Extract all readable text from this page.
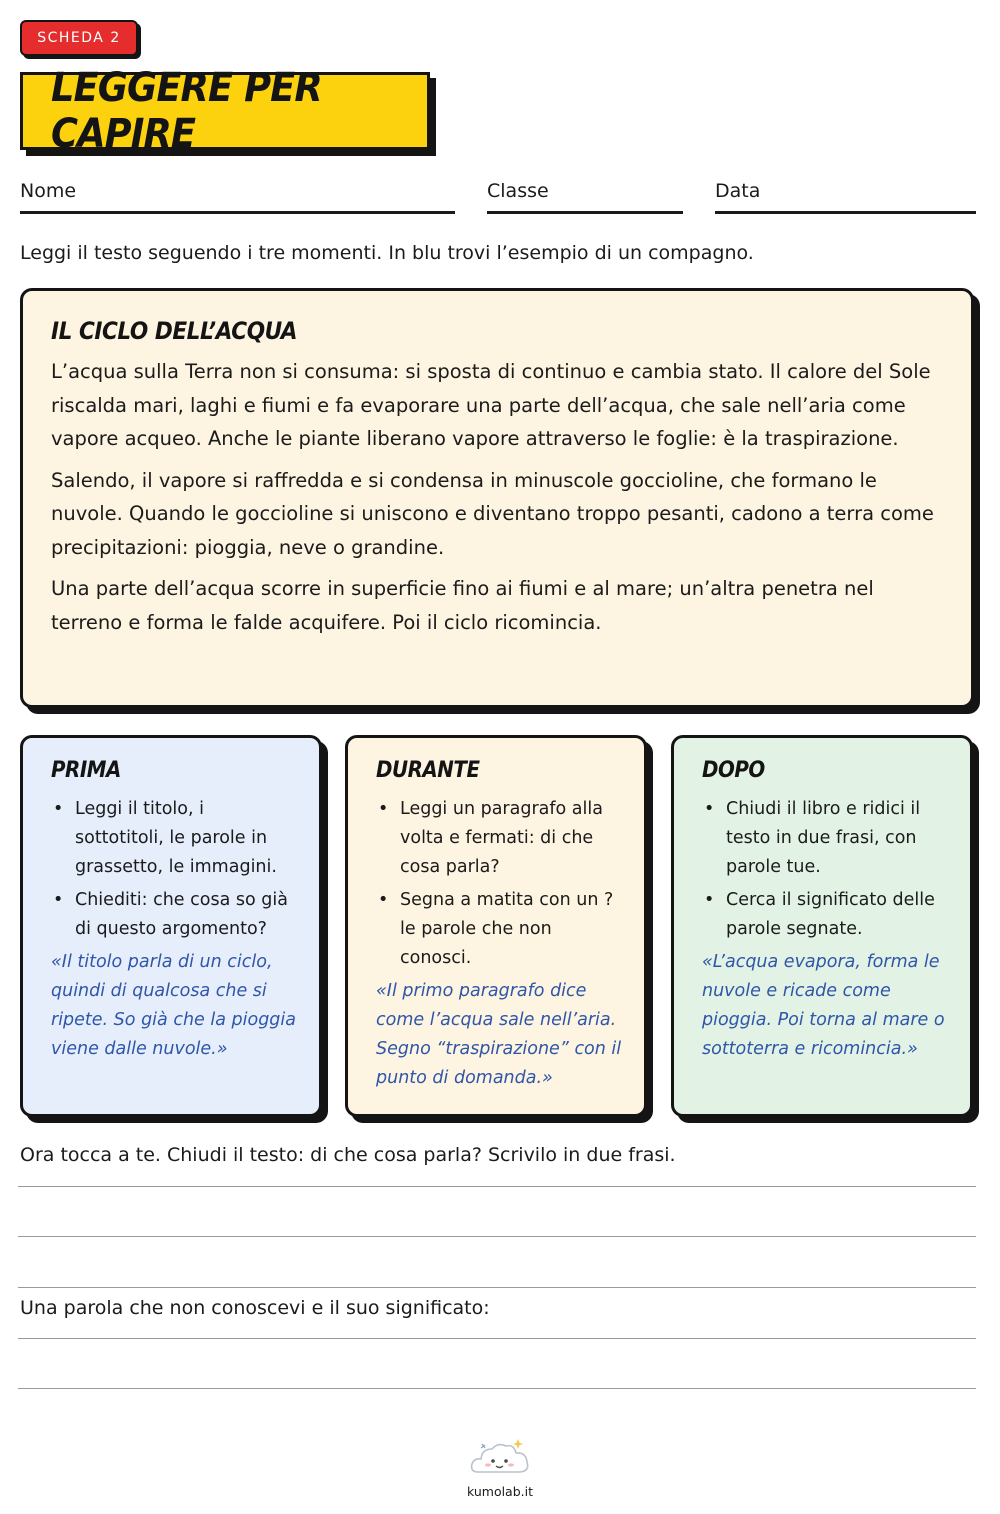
SCHEDA 2
LEGGERE PER CAPIRE
Nome	Classe	Data
Leggi il testo seguendo i tre momenti. In blu trovi l’esempio di un compagno.
IL CICLO DELL’ACQUA

L’acqua sulla Terra non si consuma: si sposta di continuo e cambia stato. Il calore del Sole riscalda mari, laghi e fiumi e fa evaporare una parte dell’acqua, che sale nell’aria come vapore acqueo. Anche le piante liberano vapore attraverso le foglie: è la traspirazione.

Salendo, il vapore si raffredda e si condensa in minuscole goccioline, che formano le nuvole. Quando le goccioline si uniscono e diventano troppo pesanti, cadono a terra come precipitazioni: pioggia, neve o grandine.

Una parte dell’acqua scorre in superficie fino ai fiumi e al mare; un’altra penetra nel terreno e forma le falde acquifere. Poi il ciclo ricomincia.

PRIMA
• Leggi il titolo, i sottotitoli, le parole in grassetto, le immagini.
• Chiediti: che cosa so già di questo argomento?
«Il titolo parla di un ciclo, quindi di qualcosa che si ripete. So già che la pioggia viene dalle nuvole.»
DURANTE
• Leggi un paragrafo alla volta e fermati: di che cosa parla?
• Segna a matita con un ? le parole che non conosci.
«Il primo paragrafo dice come l’acqua sale nell’aria. Segno “traspirazione” con il punto di domanda.»
DOPO
• Chiudi il libro e ridici il testo in due frasi, con parole tue.
• Cerca il significato delle parole segnate.
«L’acqua evapora, forma le nuvole e ricade come pioggia. Poi torna al mare o sottoterra e ricomincia.»
Ora tocca a te. Chiudi il testo: di che cosa parla? Scrivilo in due frasi.
Una parola che non conoscevi e il suo significato:
kumolab.it
